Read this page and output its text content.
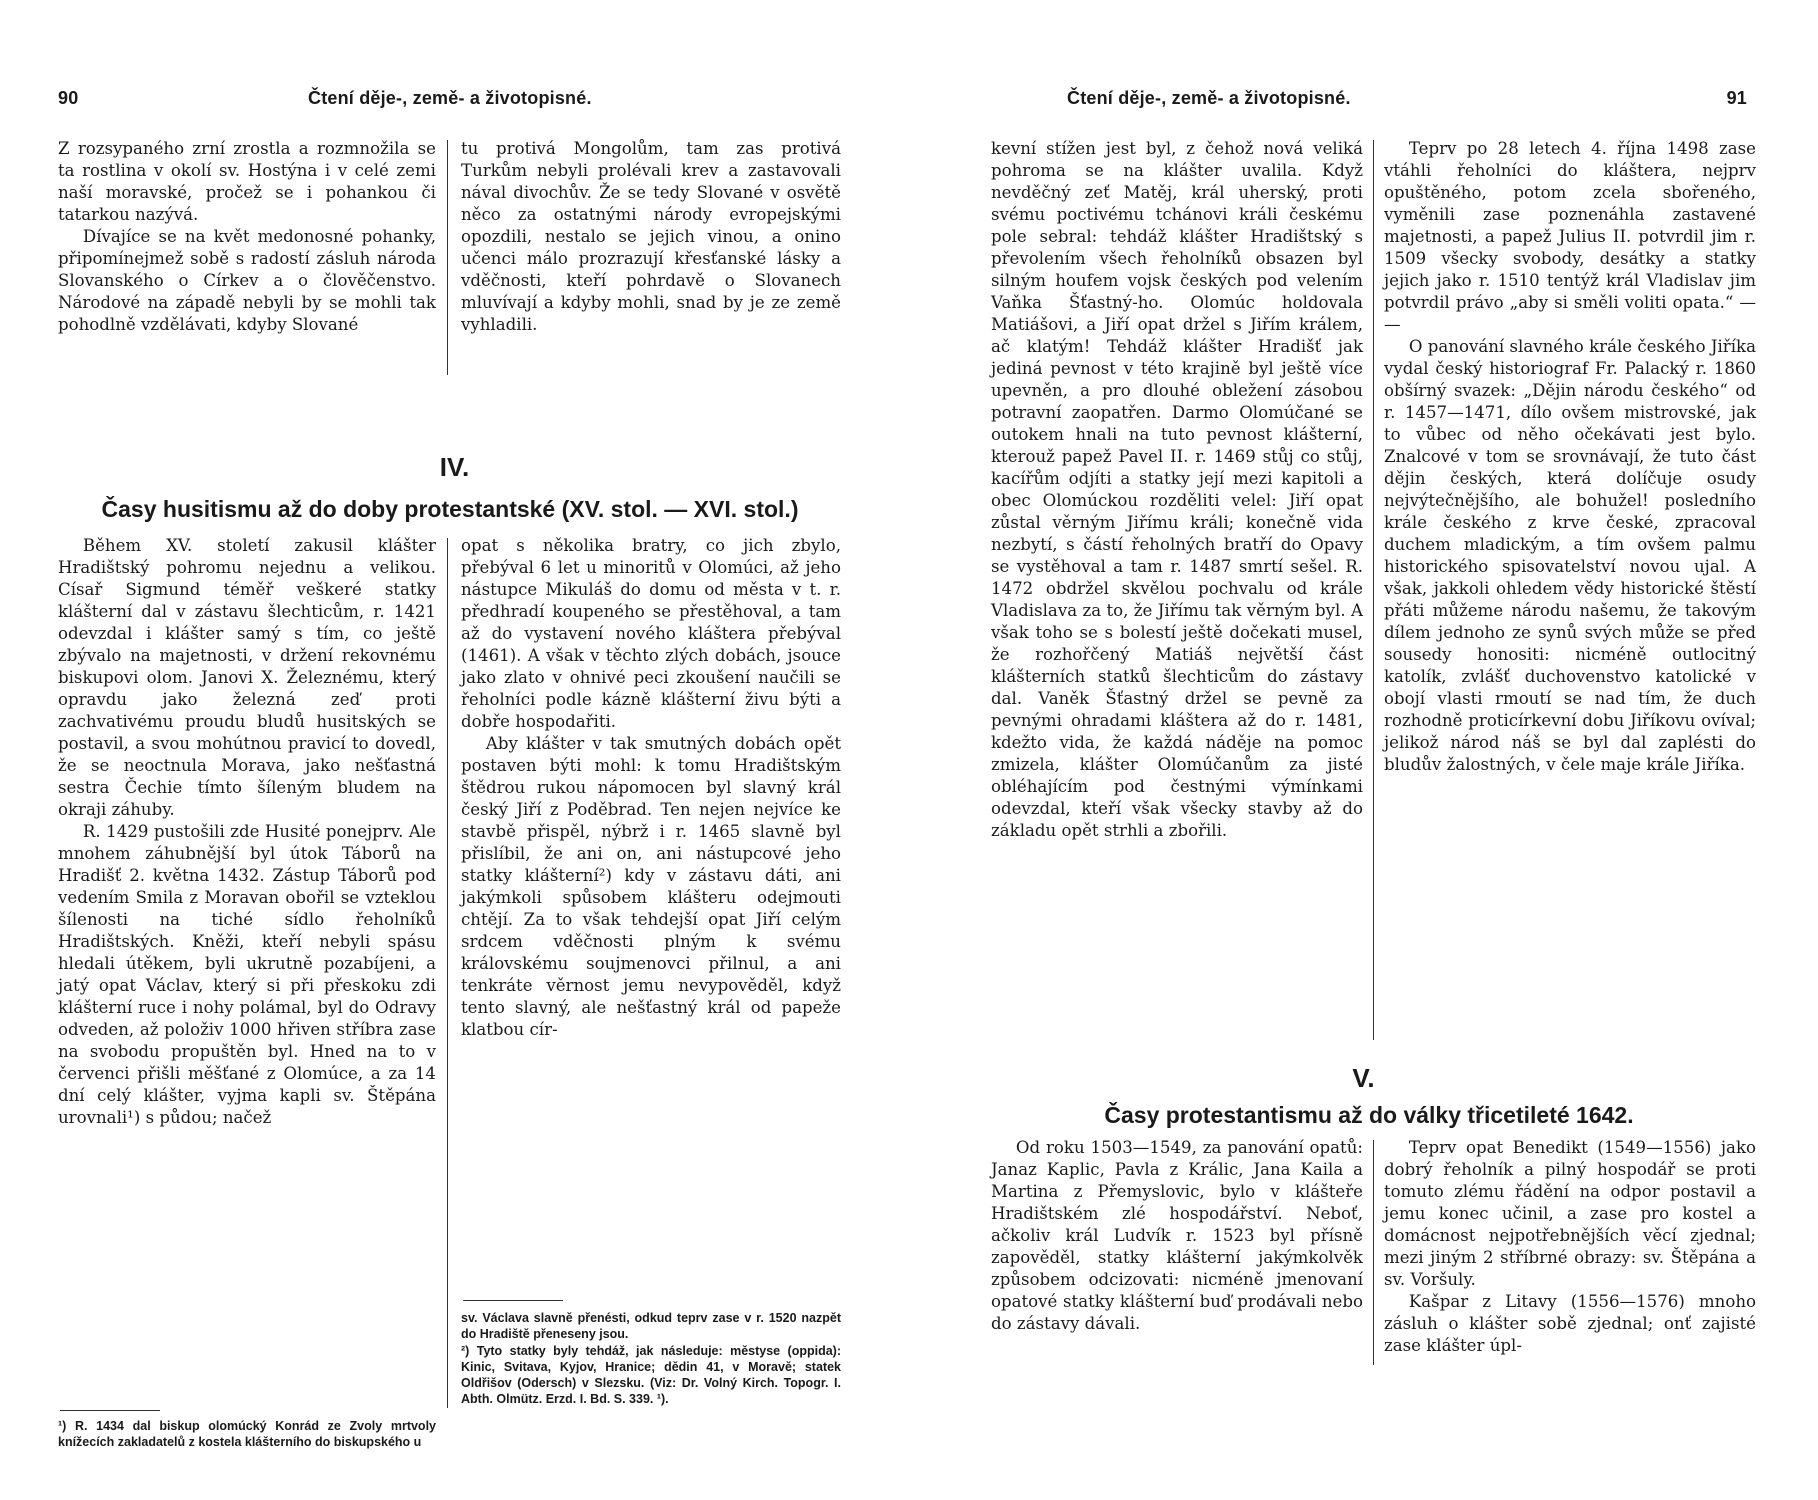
90	Čtení děje-, země- a životopisné.

Z rozsypaného zrní zrostla a rozmnožila se ta rostlina v okolí sv. Hostýna i v celé zemi naší moravské, pročež se i pohankou či tatarkou nazývá.

Dívajíce se na květ medonosné pohanky, připomínejmež sobě s radostí zásluh národa Slovanského o Církev a o člověčenstvo. Národové na západě nebyli by se mohli tak pohodlně vzdělávati, kdyby Slované

tu protivá Mongolům, tam zas protivá Turkům nebyli prolévali krev a zastavovali nával divochův. Že se tedy Slované v osvětě něco za ostatnými národy evropejskými opozdili, nestalo se jejich vinou, a onino učenci málo prozrazují křesťanské lásky a vděčnosti, kteří pohrdavě o Slovanech mluvívají a kdyby mohli, snad by je ze země vyhladili.

IV.
Časy husitismu až do doby protestantské (XV. stol. — XVI. stol.)

Během XV. století zakusil klášter Hradištský pohromu nejednu a velikou. Císař Sigmund téměř veškeré statky klášterní dal v zástavu šlechticům, r. 1421 odevzdal i klášter samý s tím, co ještě zbývalo na majetnosti, v držení rekovnému biskupovi olom. Janovi X. Železnému, který opravdu jako železná zeď proti zachvativému proudu bludů husitských se postavil, a svou mohútnou pravicí to dovedl, že se neoctnula Morava, jako nešťastná sestra Čechie tímto šíleným bludem na okraji záhuby.

R. 1429 pustošili zde Husité ponejprv. Ale mnohem záhubnější byl útok Táborů na Hradišť 2. května 1432. Zástup Táborů pod vedením Smila z Moravan obořil se vzteklou šílenosti na tiché sídlo řeholníků Hradištských. Kněži, kteří nebyli spásu hledali útěkem, byli ukrutně pozabíjeni, a jatý opat Václav, který si při přeskoku zdi klášterní ruce i nohy polámal, byl do Odravy odveden, až položiv 1000 hřiven stříbra zase na svobodu propuštěn byl. Hned na to v červenci přišli měšťané z Olomúce, a za 14 dní celý klášter, vyjma kapli sv. Štěpána urovnali¹) s půdou; načež

opat s několika bratry, co jich zbylo, přebýval 6 let u minoritů v Olomúci, až jeho nástupce Mikuláš do domu od města v t. r. předhradí koupeného se přestěhoval, a tam až do vystavení nového kláštera přebýval (1461). A však v těchto zlých dobách, jsouce jako zlato v ohnivé peci zkoušení naučili se řeholníci podle kázně klášterní živu býti a dobře hospodařiti.

Aby klášter v tak smutných dobách opět postaven býti mohl: k tomu Hradištským štědrou rukou nápomocen byl slavný král český Jiří z Poděbrad. Ten nejen nejvíce ke stavbě přispěl, nýbrž i r. 1465 slavně byl přislíbil, že ani on, ani nástupcové jeho statky klášterní²) kdy v zástavu dáti, ani jakýmkoli spůsobem klášteru odejmouti chtějí. Za to však tehdejší opat Jiří celým srdcem vděčnosti plným k svému královskému soujmenovci přilnul, a ani tenkráte věrnost jemu nevypověděl, když tento slavný, ale nešťastný král od papeže klatbou cír-

sv. Václava slavně přenésti, odkud teprv zase v r. 1520 nazpět do Hradiště přeneseny jsou.

²) Tyto statky byly tehdáž, jak následuje: městyse (oppida): Kinic, Svitava, Kyjov, Hranice; dědin 41, v Moravě; statek Oldřišov (Odersch) v Slezsku. (Viz: Dr. Volný Kirch. Topogr. I. Abth. Olmütz. Erzd. I. Bd. S. 339. ¹).

¹) R. 1434 dal biskup olomúcký Konrád ze Zvoly mrtvoly knížecích zakladatelů z kostela klášterního do biskupského u

Čtení děje-, země- a životopisné.	91

kevní stížen jest byl, z čehož nová veliká pohroma se na klášter uvalila. Když nevděčný zeť Matěj, král uherský, proti svému poctivému tchánovi králi českému pole sebral: tehdáž klášter Hradištský s převolením všech řeholníků obsazen byl silným houfem vojsk českých pod velením Vaňka Šťastný-ho. Olomúc holdovala Matiášovi, a Jiří opat držel s Jiřím králem, ač klatým! Tehdáž klášter Hradišť jak jediná pevnost v této krajině byl ještě více upevněn, a pro dlouhé obležení zásobou potravní zaopatřen. Darmo Olomúčané se outokem hnali na tuto pevnost klášterní, kterouž papež Pavel II. r. 1469 stůj co stůj, kacířům odjíti a statky její mezi kapitoli a obec Olomúckou rozděliti velel: Jiří opat zůstal věrným Jiřímu králi; konečně vida nezbytí, s částí řeholných bratří do Opavy se vystěhoval a tam r. 1487 smrtí sešel. R. 1472 obdržel skvělou pochvalu od krále Vladislava za to, že Jiřímu tak věrným byl. A však toho se s bolestí ještě dočekati musel, že rozhořčený Matiáš největší část klášterních statků šlechticům do zástavy dal. Vaněk Šťastný držel se pevně za pevnými ohradami kláštera až do r. 1481, kdežto vida, že každá náděje na pomoc zmizela, klášter Olomúčanům za jisté obléhajícím pod čestnými výmínkami odevzdal, kteří však všecky stavby až do základu opět strhli a zbořili.

Teprv po 28 letech 4. října 1498 zase vtáhli řeholníci do kláštera, nejprv opuštěného, potom zcela sbořeného, vyměnili zase poznenáhla zastavené majetnosti, a papež Julius II. potvrdil jim r. 1509 všecky svobody, desátky a statky jejich jako r. 1510 tentýž král Vladislav jim potvrdil právo „aby si směli voliti opata.“ — —

O panování slavného krále českého Jiříka vydal český historiograf Fr. Palacký r. 1860 obšírný svazek: „Dějin národu českého“ od r. 1457—1471, dílo ovšem mistrovské, jak to vůbec od něho očekávati jest bylo. Znalcové v tom se srovnávají, že tuto část dějin českých, která dolíčuje osudy nejvýtečnějšího, ale bohužel! posledního krále českého z krve české, zpracoval duchem mladickým, a tím ovšem palmu historického spisovatelství novou ujal. A však, jakkoli ohledem vědy historické štěstí přáti můžeme národu našemu, že takovým dílem jednoho ze synů svých může se před sousedy honositi: nicméně outlocitný katolík, zvlášť duchovenstvo katolické v obojí vlasti rmoutí se nad tím, že duch rozhodně proticírkevní dobu Jiříkovu ovíval; jelikož národ náš se byl dal zaplésti do bludův žalostných, v čele maje krále Jiříka.

V.
Časy protestantismu až do války třicetileté 1642.

Od roku 1503—1549, za panování opatů: Janaz Kaplic, Pavla z Králic, Jana Kaila a Martina z Přemyslovic, bylo v klášteře Hradištském zlé hospodářství. Neboť, ačkoliv král Ludvík r. 1523 byl přísně zapověděl, statky klášterní jakýmkolvěk způsobem odcizovati: nicméně jmenovaní opatové statky klášterní buď prodávali nebo do zástavy dávali.

Teprv opat Benedikt (1549—1556) jako dobrý řeholník a pilný hospodář se proti tomuto zlému řádění na odpor postavil a jemu konec učinil, a zase pro kostel a domácnost nejpotřebnějších věcí zjednal; mezi jiným 2 stříbrné obrazy: sv. Štěpána a sv. Voršuly.

Kašpar z Litavy (1556—1576) mnoho zásluh o klášter sobě zjednal; onť zajisté zase klášter úpl-
